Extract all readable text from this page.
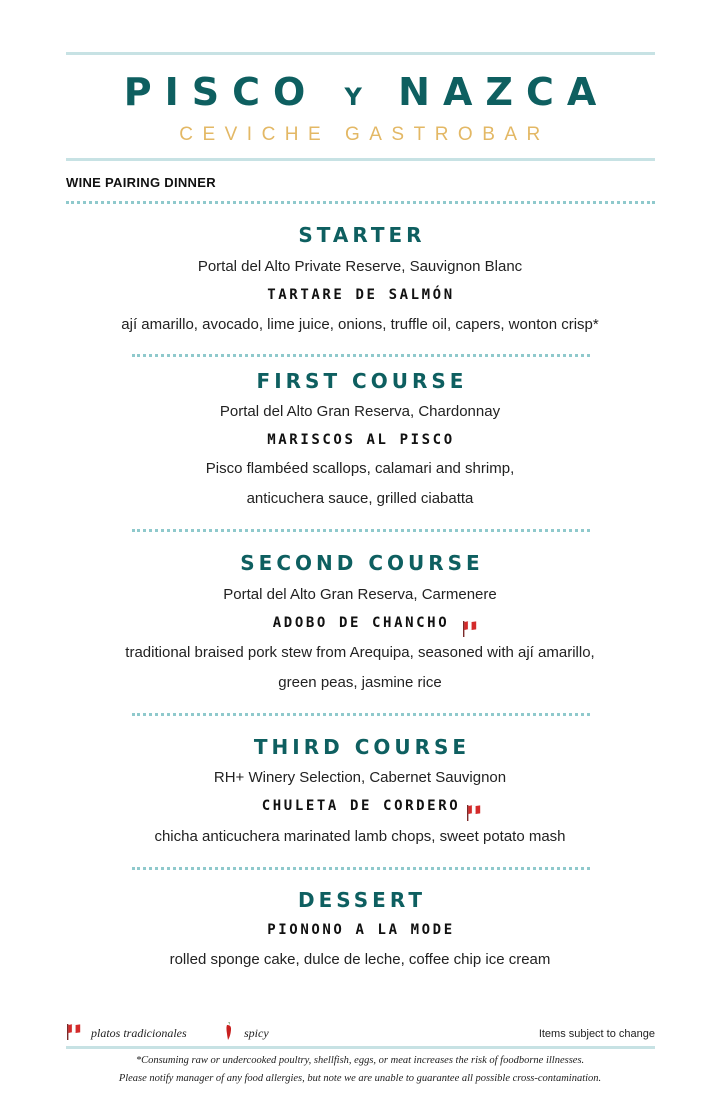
PISCO Y NAZCA
CEVICHE GASTROBAR
WINE PAIRING DINNER
STARTER
Portal del Alto Private Reserve, Sauvignon Blanc
TARTARE DE SALMÓN
ají amarillo, avocado, lime juice, onions, truffle oil, capers, wonton crisp*
FIRST COURSE
Portal del Alto Gran Reserva, Chardonnay
MARISCOS AL PISCO
Pisco flambéed scallops, calamari and shrimp,
anticuchera sauce, grilled ciabatta
SECOND COURSE
Portal del Alto Gran Reserva, Carmenere
ADOBO DE CHANCHO
traditional braised pork stew from Arequipa, seasoned with ají amarillo,
green peas, jasmine rice
THIRD COURSE
RH+ Winery Selection, Cabernet Sauvignon
CHULETA DE CORDERO
chicha anticuchera marinated lamb chops, sweet potato mash
DESSERT
PIONONO A LA MODE
rolled sponge cake, dulce de leche, coffee chip ice cream
platos tradicionales	spicy	Items subject to change
*Consuming raw or undercooked poultry, shellfish, eggs, or meat increases the risk of foodborne illnesses.
Please notify manager of any food allergies, but note we are unable to guarantee all possible cross-contamination.
